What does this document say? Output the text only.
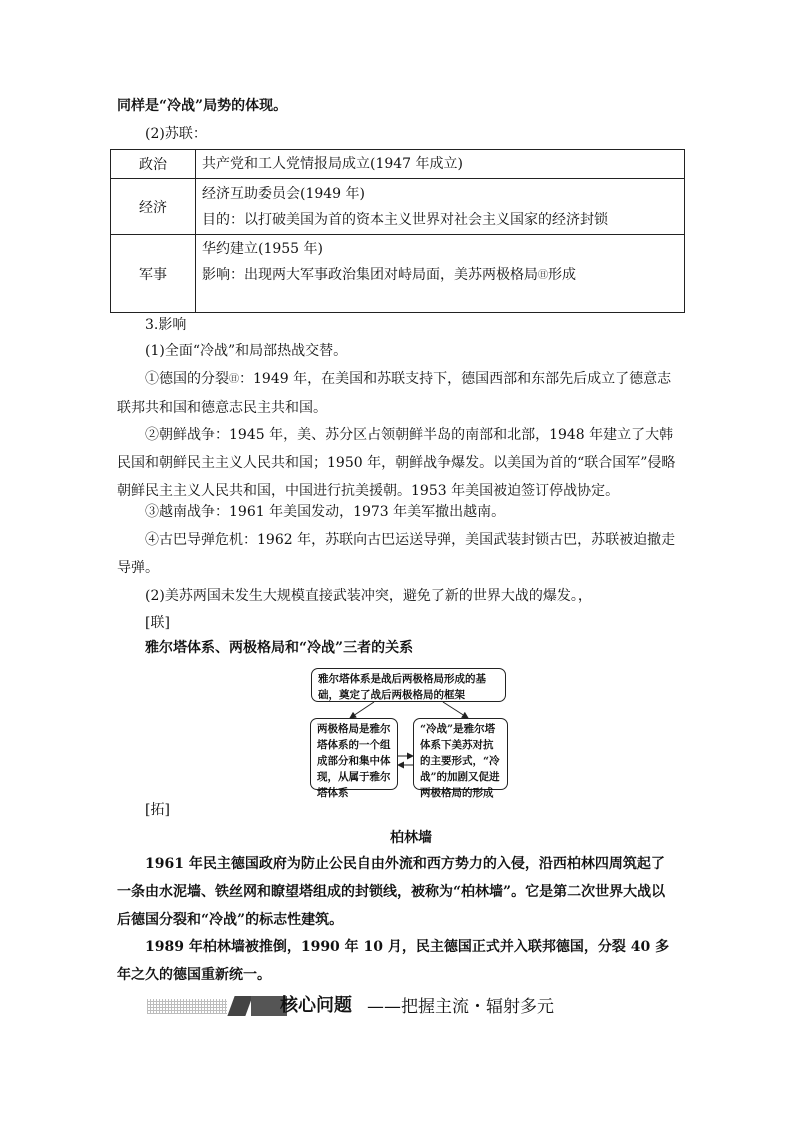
同样是“冷战”局势的体现。
(2)苏联：
政治	共产党和工人党情报局成立(1947 年成立)

经济	经济互助委员会(1949 年)
目的：以打破美国为首的资本主义世界对社会主义国家的经济封锁

军事	华约建立(1955 年)
影响：出现两大军事政治集团对峙局面，美苏两极格局㊐形成
3.影响
(1)全面“冷战”和局部热战交替。
①德国的分裂㊐：1949 年，在美国和苏联支持下，德国西部和东部先后成立了德意志联邦共和国和德意志民主共和国。
②朝鲜战争：1945 年，美、苏分区占领朝鲜半岛的南部和北部，1948 年建立了大韩民国和朝鲜民主主义人民共和国；1950 年，朝鲜战争爆发。以美国为首的“联合国军”侵略朝鲜民主主义人民共和国，中国进行抗美援朝。1953 年美国被迫签订停战协定。
③越南战争：1961 年美国发动，1973 年美军撤出越南。
④古巴导弹危机：1962 年，苏联向古巴运送导弹，美国武装封锁古巴，苏联被迫撤走导弹。
(2)美苏两国未发生大规模直接武装冲突，避免了新的世界大战的爆发。，
[联]
雅尔塔体系、两极格局和“冷战”三者的关系
雅尔塔体系是战后两极格局形成的基础，奠定了战后两极格局的框架
两极格局是雅尔塔体系的一个组成部分和集中体现，从属于雅尔塔体系
“冷战”是雅尔塔体系下美苏对抗的主要形式，“冷战”的加剧又促进两极格局的形成
[拓]
柏林墙
1961 年民主德国政府为防止公民自由外流和西方势力的入侵，沿西柏林四周筑起了一条由水泥墙、铁丝网和瞭望塔组成的封锁线，被称为“柏林墙”。它是第二次世界大战以后德国分裂和“冷战”的标志性建筑。
1989 年柏林墙被推倒，1990 年 10 月，民主德国正式并入联邦德国，分裂 40 多年之久的德国重新统一。
核心问题 ——把握主流・辐射多元
